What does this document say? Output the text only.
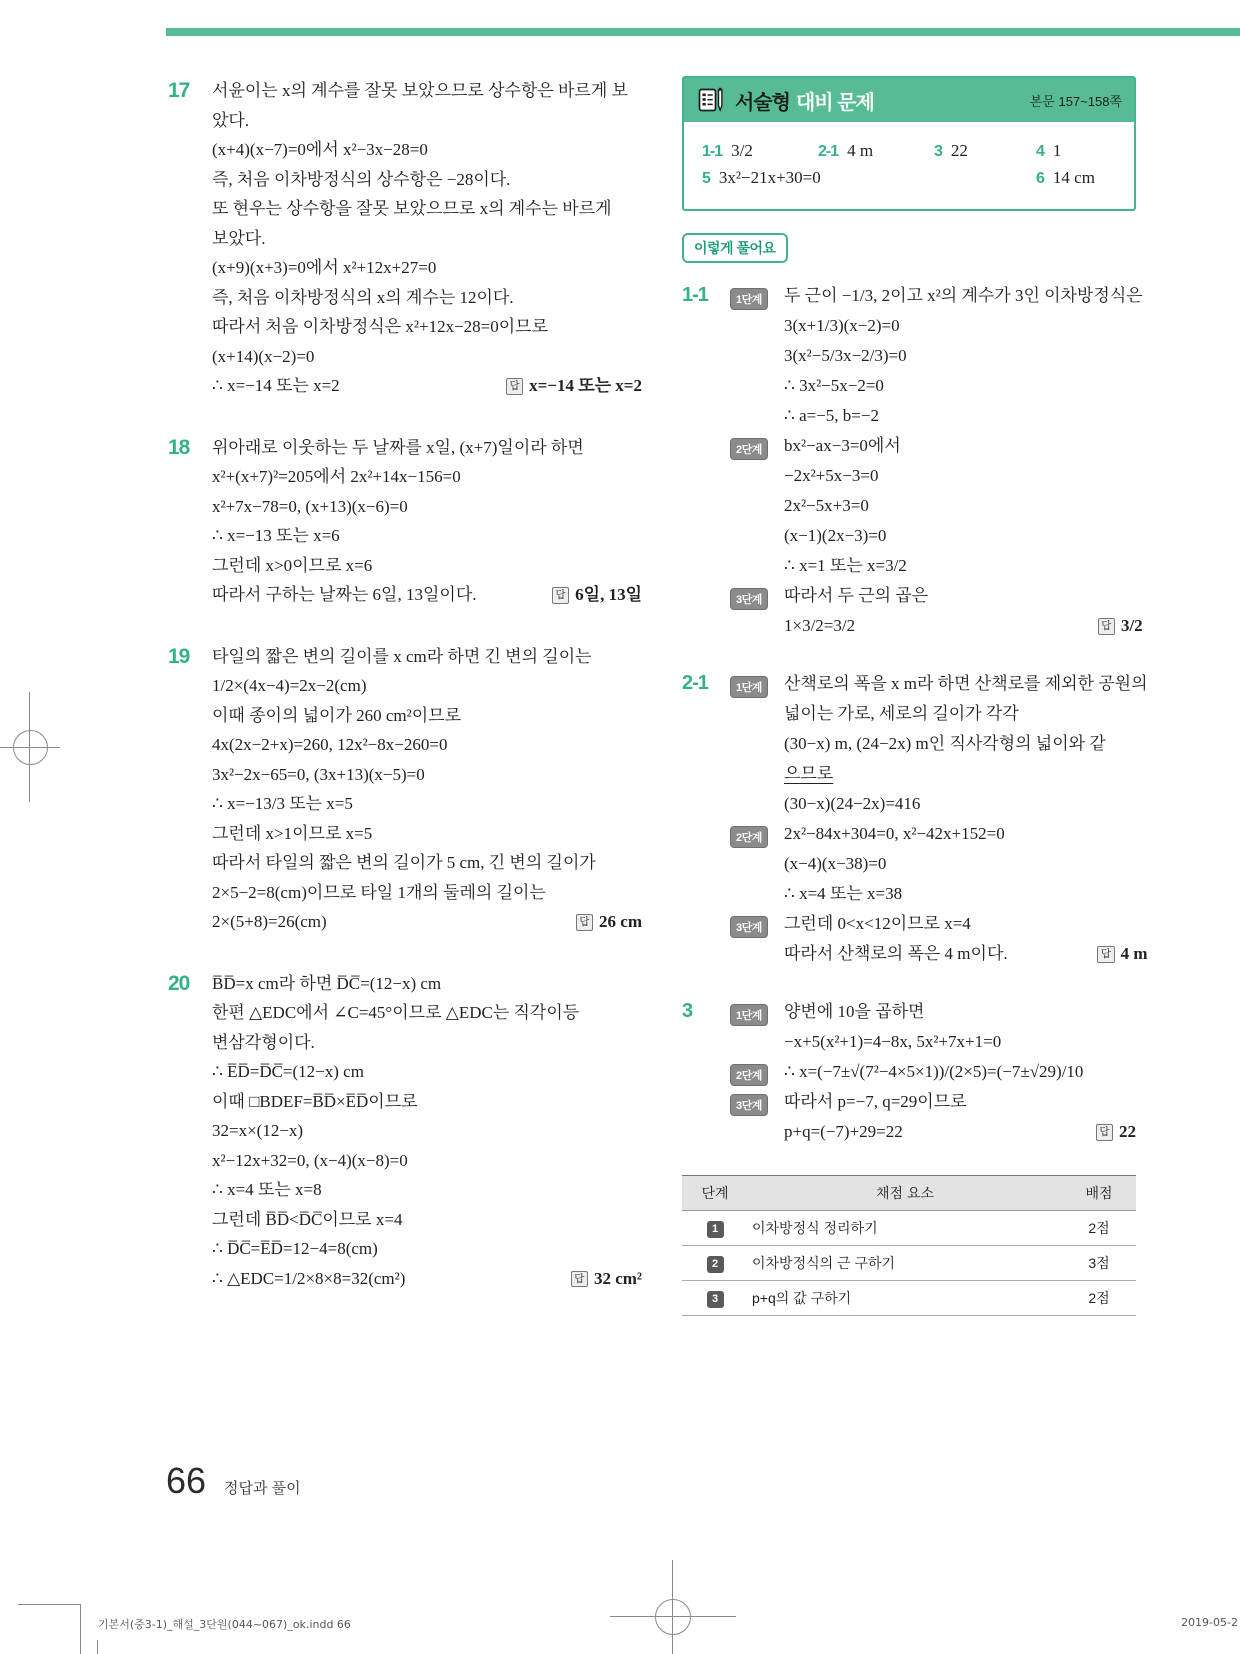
17	서윤이는 x의 계수를 잘못 보았으므로 상수항은 바르게 보
았다.
(x+4)(x−7)=0에서 x²−3x−28=0
즉, 처음 이차방정식의 상수항은 −28이다.
또 현우는 상수항을 잘못 보았으므로 x의 계수는 바르게
보았다.
(x+9)(x+3)=0에서 x²+12x+27=0
즉, 처음 이차방정식의 x의 계수는 12이다.
따라서 처음 이차방정식은 x²+12x−28=0이므로
(x+14)(x−2)=0
∴ x=−14 또는 x=2	답 x=−14 또는 x=2
18	위아래로 이웃하는 두 날짜를 x일, (x+7)일이라 하면
x²+(x+7)²=205에서 2x²+14x−156=0
x²+7x−78=0, (x+13)(x−6)=0
∴ x=−13 또는 x=6
그런데 x>0이므로 x=6
따라서 구하는 날짜는 6일, 13일이다.	답 6일, 13일
19	타일의 짧은 변의 길이를 x cm라 하면 긴 변의 길이는
1/2×(4x−4)=2x−2(cm)
이때 종이의 넓이가 260 cm²이므로
4x(2x−2+x)=260, 12x²−8x−260=0
3x²−2x−65=0, (3x+13)(x−5)=0
∴ x=−13/3 또는 x=5
그런데 x>1이므로 x=5
따라서 타일의 짧은 변의 길이가 5 cm, 긴 변의 길이가
2×5−2=8(cm)이므로 타일 1개의 둘레의 길이는
2×(5+8)=26(cm)	답 26 cm
20	B̅D̅=x cm라 하면 D̅C̅=(12−x) cm
한편 △EDC에서 ∠C=45°이므로 △EDC는 직각이등
변삼각형이다.
∴ E̅D̅=D̅C̅=(12−x) cm
이때 □BDEF=B̅D̅×E̅D̅이므로
32=x×(12−x)
x²−12x+32=0, (x−4)(x−8)=0
∴ x=4 또는 x=8
그런데 B̅D̅<D̅C̅이므로 x=4
∴ D̅C̅=E̅D̅=12−4=8(cm)
∴ △EDC=1/2×8×8=32(cm²)	답 32 cm²
서술형 대비 문제	본문 157~158쪽
1-1 3/2	2-1 4 m	3 22	4 1
5 3x²−21x+30=0	6 14 cm
이렇게 풀어요
1-1	1단계	두 근이 −1/3, 2이고 x²의 계수가 3인 이차방정식은
3(x+1/3)(x−2)=0
3(x²−5/3x−2/3)=0
∴ 3x²−5x−2=0
∴ a=−5, b=−2
2단계	bx²−ax−3=0에서
−2x²+5x−3=0
2x²−5x+3=0
(x−1)(2x−3)=0
∴ x=1 또는 x=3/2
3단계	따라서 두 근의 곱은
1×3/2=3/2	답 3/2
2-1	1단계	산책로의 폭을 x m라 하면 산책로를 제외한 공원의
넓이는 가로, 세로의 길이가 각각
(30−x) m, (24−2x) m인 직사각형의 넓이와 같
으므로
(30−x)(24−2x)=416
2단계	2x²−84x+304=0, x²−42x+152=0
(x−4)(x−38)=0
∴ x=4 또는 x=38
3단계	그런데 0<x<12이므로 x=4
따라서 산책로의 폭은 4 m이다.	답 4 m
3	1단계	양변에 10을 곱하면
−x+5(x²+1)=4−8x, 5x²+7x+1=0
2단계	∴ x=(−7±√(7²−4×5×1))/(2×5)=(−7±√29)/10
3단계	따라서 p=−7, q=29이므로
p+q=(−7)+29=22	답 22
단계	채점 요소	배점
1	이차방정식 정리하기	2점
2	이차방정식의 근 구하기	3점
3	p+q의 값 구하기	2점
66 정답과 풀이
기본서(중3-1)_해설_3단원(044~067)_ok.indd 66	2019-05-2
